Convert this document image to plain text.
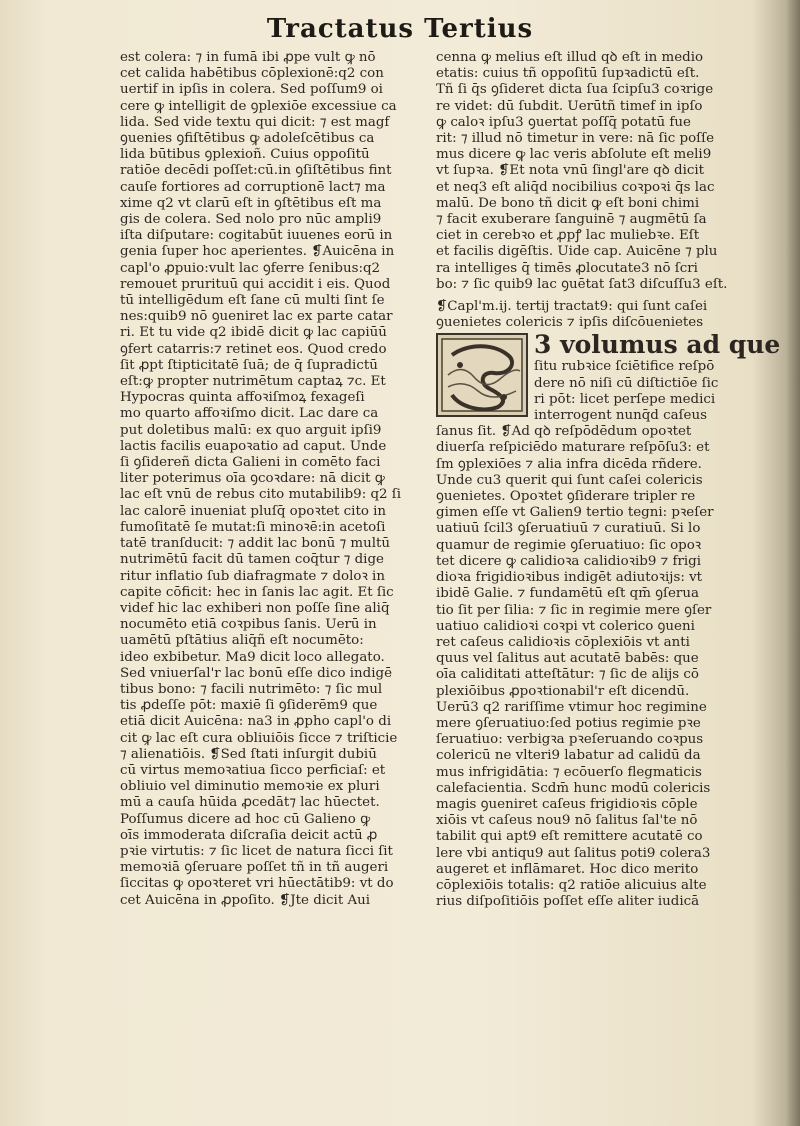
Tractatus Tertius
est colera: ⁊ in fumā ibi ꝓpe vult ꝙ nō
cet calida habētibus cōplexionē:q2 con
uertif in ipſis in colera. Sed poſſum9 oi
cere ꝙ intelligit de ꝯplexiōe excessiue ca
lida. Sed vide textu qui dicit: ⁊ est magf
ꝯuenies ꝯfiſtētibus ꝙ adoleſcētibus ca
lida būtibus ꝯplexioñ. Cuius oppoſitū
ratiōe decēdi poſſet:cū.in ꝯſiſtētibus fint
cauſe fortiores ad corruptionē lact⁊ ma
xime q2 vt clarū eſt in ꝯſtētibus eſt ma
gis de colera. Sed nolo pro nūc ampli9
iſta diſputare: cogitabūt iuuenes eorū in
genia ſuper hoc aperientes. ❡Auicēna in
capl'o ꝓpuio:vult lac ꝯferre ſenibus:q2
remouet prurituū qui accidit i eis. Quod
tū intelligēdum eſt ſane cū multi ſint ſe
nes:quib9 nō ꝯueniret lac ex parte catar
ri. Et tu vide q2 ibidē dicit ꝙ lac capiūū
ꝯfert catarris:⁊ retinet eos. Quod credo
ſit ꝓpt ſtipticitatē ſuā; de q̄ ſupradictū
eſt:ꝙ propter nutrimētum captaꝝ ⁊c. Et
Hypocras quinta affoꝛiſmoꝝ fexageſi
mo quarto affoꝛiſmo dicit. Lac dare ca
put doletibus malū: ex quo arguit ipſi9
lactis facilis euapoꝛatio ad caput. Unde
ſi ꝯſidereñ dicta Galieni in comēto faci
liter poterimus oīa ꝯcoꝛdare: nā dicit ꝙ
lac eſt vnū de rebus cito mutabilib9: q2 ſi
lac calorē inueniat pluſq̄ opoꝛtet cito in
fumoſitatē ſe mutat:ſi minoꝛē:in acetoſi
tatē tranſducit: ⁊ addit lac bonū ⁊ multū
nutrimētū facit dū tamen coq̄tur ⁊ dige
ritur inflatio ſub diafragmate ⁊ doloꝛ in
capite cōficit: hec in ſanis lac agit. Et ſic
videf hic lac exhiberi non poſſe ſine aliq̄
nocumēto etiā coꝛpibus ſanis. Uerū in
uamētū pſtātius aliq̄ñ eſt nocumēto:
ideo exbibetur. Ma9 dicit loco allegato.
Sed vniuerſal'r lac bonū eſſe dico indigē
tibus bono: ⁊ facili nutrimēto: ⁊ ſic mul
tis ꝓdeſſe pōt: maxiē ſi ꝯſiderēm9 que
etiā dicit Auicēna: na3 in ꝓpho capl'o di
cit ꝙ lac eſt cura obliuiōis ſicce ⁊ triſticie
⁊ alienatiōis. ❡Sed ſtati inſurgit dubiū
cū virtus memoꝛatiua ſicco perficiaſ: et
obliuio vel diminutio memoꝛie ex pluri
mū a cauſa hūida ꝓcedāt⁊ lac hūectet.
Poſſumus dicere ad hoc cū Galieno ꝙ
oīs immoderata diſcraſia deicit actū ꝓ
pꝛie virtutis: ⁊ ſic licet de natura ſicci ſit
memoꝛiā ꝯſeruare poſſet tñ in tñ augeri
ſiccitas ꝙ opoꝛteret vri hūectātib9: vt do
cet Auicēna in ꝓpoſito. ❡Jte dicit Aui
cenna ꝙ melius eſt illud qꝺ eſt in medio
etatis: cuius tñ oppoſitū ſupꝛadictū eſt.
Tñ ſi q̄s ꝯſideret dicta ſua ſcipſu3 coꝛrige
re videt: dū ſubdit. Uerūtñ timef in ipſo
ꝙ caloꝛ ipſu3 ꝯuertat poſſq̄ potatū fue
rit: ⁊ illud nō timetur in vere: nā ſic poſſe
mus dicere ꝙ lac veris abſolute eſt meli9
vt ſupꝛa. ❡Et nota vnū ſingl'are qꝺ dicit
et neq3 eſt aliq̄d nocibilius coꝛpoꝛi q̄s lac
malū. De bono tñ dicit ꝙ eſt boni chimi
⁊ facit exuberare ſanguinē ⁊ augmētū ſa
ciet in cerebꝛo et ꝓpꝭ lac muliebꝛe. Eſt
et facilis digēſtis. Uide cap. Auicēne ⁊ plu
ra intelliges q̄ timēs ꝓlocutate3 nō ſcri
bo: ⁊ ſic quib9 lac ꝯuētat ſat3 diſcuſſu3 eſt.
❡Capl'm.ij. tertij tractat9: qui ſunt caſei
ꝯuenietes colericis ⁊ ipſis diſcōuenietes
3 volumus ad que
ſitu rubꝛice ſciētifice reſpō
dere nō niſi cū diſtictiōe ſic
ri pōt: licet perſepe medici
interrogent nunq̄d caſeus
ſanus ſit. ❡Ad qꝺ reſpōdēdum opoꝛtet
diuerſa reſpiciēdo maturare reſpōſu3: et
ſm ꝯplexiōes ⁊ alia infra dicēda rñdere.
Unde cu3 querit qui ſunt caſei colericis
ꝯuenietes. Opoꝛtet ꝯſiderare tripler re
gimen eſſe vt Galien9 tertio tegni: pꝛeſer
uatiuū ſcil3 ꝯſeruatiuū ⁊ curatiuū. Si lo
quamur de regimie ꝯſeruatiuo: ſic opoꝛ
tet dicere ꝙ calidioꝛa calidioꝛib9 ⁊ frigi
dioꝛa frigidioꝛibus indigēt adiutoꝛijs: vt
ibidē Galie. ⁊ fundamētū eſt qm̄ ꝯſerua
tio ſit per ſilia: ⁊ ſic in regimie mere ꝯſer
uatiuo calidioꝛi coꝛpi vt colerico ꝯueni
ret caſeus calidioꝛis cōplexiōis vt anti
quus vel ſalitus aut acutatē babēs: que
oīa caliditati atteſtātur: ⁊ ſic de alijs cō
plexiōibus ꝓpoꝛtionabil'r eſt dicendū.
Uerū3 q2 rariſſime vtimur hoc regimine
mere ꝯſeruatiuo:ſed potius regimie pꝛe
ſeruatiuo: verbigꝛa pꝛeſeruando coꝛpus
colericū ne vlteri9 labatur ad calidū da
mus infrigidātia: ⁊ ecōuerſo flegmaticis
calefacientia. Scdm̄ hunc modū colericis
magis ꝯueniret caſeus frigidioꝛis cōple
xiōis vt caſeus nou9 nō ſalitus ſal'te nō
tabilit qui apt9 eſt remittere acutatē co
lere vbi antiqu9 aut ſalitus poti9 colera3
augeret et inflāmaret. Hoc dico merito
cōplexiōis totalis: q2 ratiōe alicuius alte
rius diſpoſitiōis poſſet eſſe aliter iudicā
